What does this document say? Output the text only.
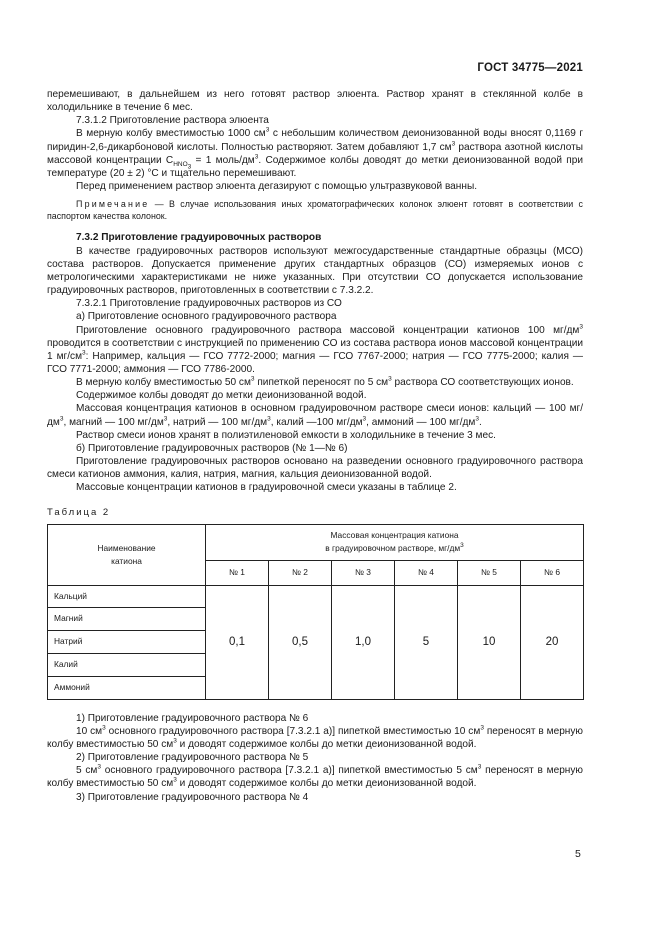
ГОСТ 34775—2021

перемешивают, в дальнейшем из него готовят раствор элюента. Раствор хранят в стеклянной колбе в холодильнике в течение 6 мес.

7.3.1.2 Приготовление раствора элюента

В мерную колбу вместимостью 1000 $см^3$ с небольшим количеством деионизованной воды вносят 0,1169 г пиридин-2,6-дикарбоновой кислоты. Полностью растворяют. Затем добавляют 1,7 $см^3$ раствора азотной кислоты массовой концентрации $C_{HNO_3} = 1$ моль/$дм^3$. Содержимое колбы доводят до метки деионизованной водой при температуре (20 ± 2) °C и тщательно перемешивают.

Перед применением раствор элюента дегазируют с помощью ультразвуковой ванны.

Примечание — В случае использования иных хроматографических колонок элюент готовят в соответствии с паспортом качества колонок.

7.3.2 Приготовление градуировочных растворов

В качестве градуировочных растворов используют межгосударственные стандартные образцы (МСО) состава растворов. Допускается применение других стандартных образцов (СО) измеряемых ионов с метрологическими характеристиками не ниже указанных. При отсутствии СО допускается использование градуировочных растворов, приготовленных в соответствии с 7.3.2.2.

7.3.2.1 Приготовление градуировочных растворов из СО

а) Приготовление основного градуировочного раствора

Приготовление основного градуировочного раствора массовой концентрации катионов 100 $мг/дм^3$ проводится в соответствии с инструкцией по применению СО из состава раствора ионов массовой концентрации 1 $мг/см^3$: Например, кальция — ГСО 7772-2000; магния — ГСО 7767-2000; натрия — ГСО 7775-2000; калия — ГСО 7771-2000; аммония — ГСО 7786-2000.

В мерную колбу вместимостью 50 $см^3$ пипеткой переносят по 5 $см^3$ раствора СО соответствующих ионов.

Содержимое колбы доводят до метки деионизованной водой.

Массовая концентрация катионов в основном градуировочном растворе смеси ионов: кальций — 100 $мг/дм^3$, магний — 100 $мг/дм^3$, натрий — 100 $мг/дм^3$, калий —100 $мг/дм^3$, аммоний — 100 $мг/дм^3$.

Раствор смеси ионов хранят в полиэтиленовой емкости в холодильнике в течение 3 мес.

б) Приготовление градуировочных растворов (№ 1—№ 6)

Приготовление градуировочных растворов основано на разведении основного градуировочного раствора смеси катионов аммония, калия, натрия, магния, кальция деионизованной водой.

Массовые концентрации катионов в градуировочной смеси указаны в таблице 2.

Таблица 2

Наименование
катиона	Массовая концентрация катиона
в градуировочном растворе, $мг/дм^3$
	№ 1	№ 2	№ 3	№ 4	№ 5	№ 6
Кальций	0,1	0,5	1,0	5	10	20
Магний						
Натрий						
Калий						
Аммоний						

1) Приготовление градуировочного раствора № 6

10 $см^3$ основного градуировочного раствора [7.3.2.1 а)] пипеткой вместимостью 10 $см^3$ переносят в мерную колбу вместимостью 50 $см^3$ и доводят содержимое колбы до метки деионизованной водой.

2) Приготовление градуировочного раствора № 5

5 $см^3$ основного градуировочного раствора [7.3.2.1 а)] пипеткой вместимостью 5 $см^3$ переносят в мерную колбу вместимостью 50 $см^3$ и доводят содержимое колбы до метки деионизованной водой.

3) Приготовление градуировочного раствора № 4

5
